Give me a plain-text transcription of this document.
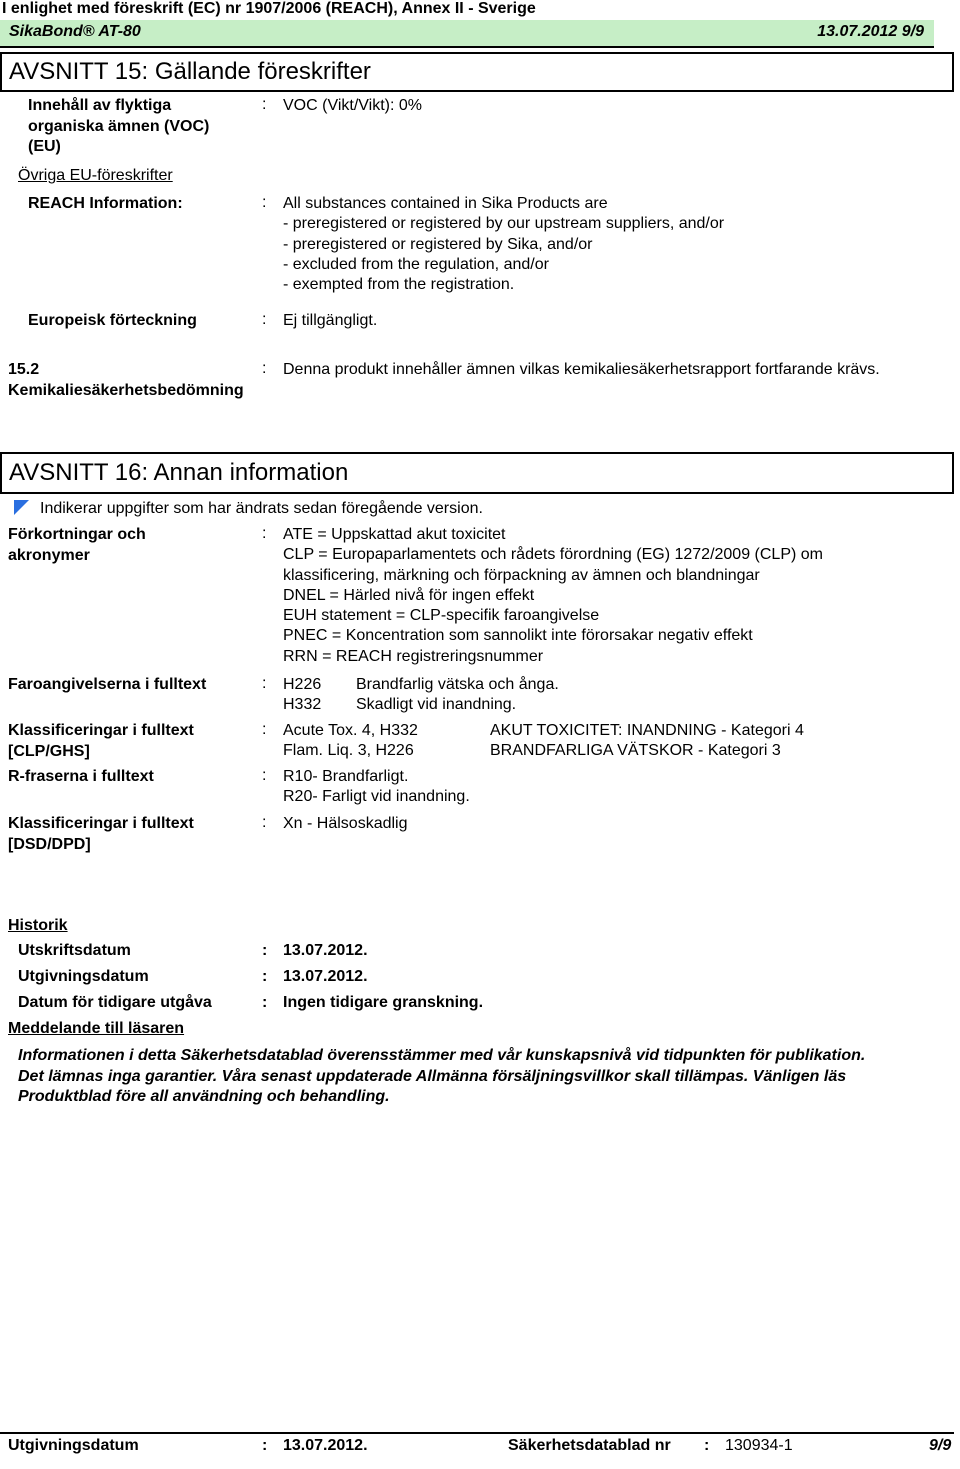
I enlighet med föreskrift (EC) nr 1907/2006 (REACH), Annex II - Sverige
SikaBond® AT-80	13.07.2012 9/9
AVSNITT 15: Gällande föreskrifter
Innehåll av flyktiga
organiska ämnen (VOC)
(EU)
: VOC (Vikt/Vikt): 0%
Övriga EU-föreskrifter
REACH Information:	: All substances contained in Sika Products are
- preregistered or registered by our upstream suppliers, and/or
- preregistered or registered by Sika, and/or
- excluded from the regulation, and/or
- exempted from the registration.
Europeisk förteckning	: Ej tillgängligt.
15.2
Kemikaliesäkerhetsbedömning
: Denna produkt innehåller ämnen vilkas kemikaliesäkerhetsrapport fortfarande krävs.
AVSNITT 16: Annan information
Indikerar uppgifter som har ändrats sedan föregående version.
Förkortningar och
akronymer
: ATE = Uppskattad akut toxicitet
CLP = Europaparlamentets och rådets förordning (EG) 1272/2009 (CLP) om
klassificering, märkning och förpackning av ämnen och blandningar
DNEL = Härled nivå för ingen effekt
EUH statement = CLP-specifik faroangivelse
PNEC = Koncentration som sannolikt inte förorsakar negativ effekt
RRN = REACH registreringsnummer
Faroangivelserna i fulltext	: H226 Brandfarlig vätska och ånga.
H332 Skadligt vid inandning.
Klassificeringar i fulltext
[CLP/GHS]
: Acute Tox. 4, H332	AKUT TOXICITET: INANDNING - Kategori 4
Flam. Liq. 3, H226	BRANDFARLIGA VÄTSKOR - Kategori 3
R-fraserna i fulltext	: R10- Brandfarligt.
R20- Farligt vid inandning.
Klassificeringar i fulltext
[DSD/DPD]
: Xn - Hälsoskadlig
Historik
Utskriftsdatum	: 13.07.2012.
Utgivningsdatum	: 13.07.2012.
Datum för tidigare utgåva	: Ingen tidigare granskning.
Meddelande till läsaren
Informationen i detta Säkerhetsdatablad överensstämmer med vår kunskapsnivå vid tidpunkten för publikation.
Det lämnas inga garantier. Våra senast uppdaterade Allmänna försäljningsvillkor skall tillämpas. Vänligen läs
Produktblad före all användning och behandling.
Utgivningsdatum	: 13.07.2012.	Säkerhetsdatablad nr : 130934-1	9/9
